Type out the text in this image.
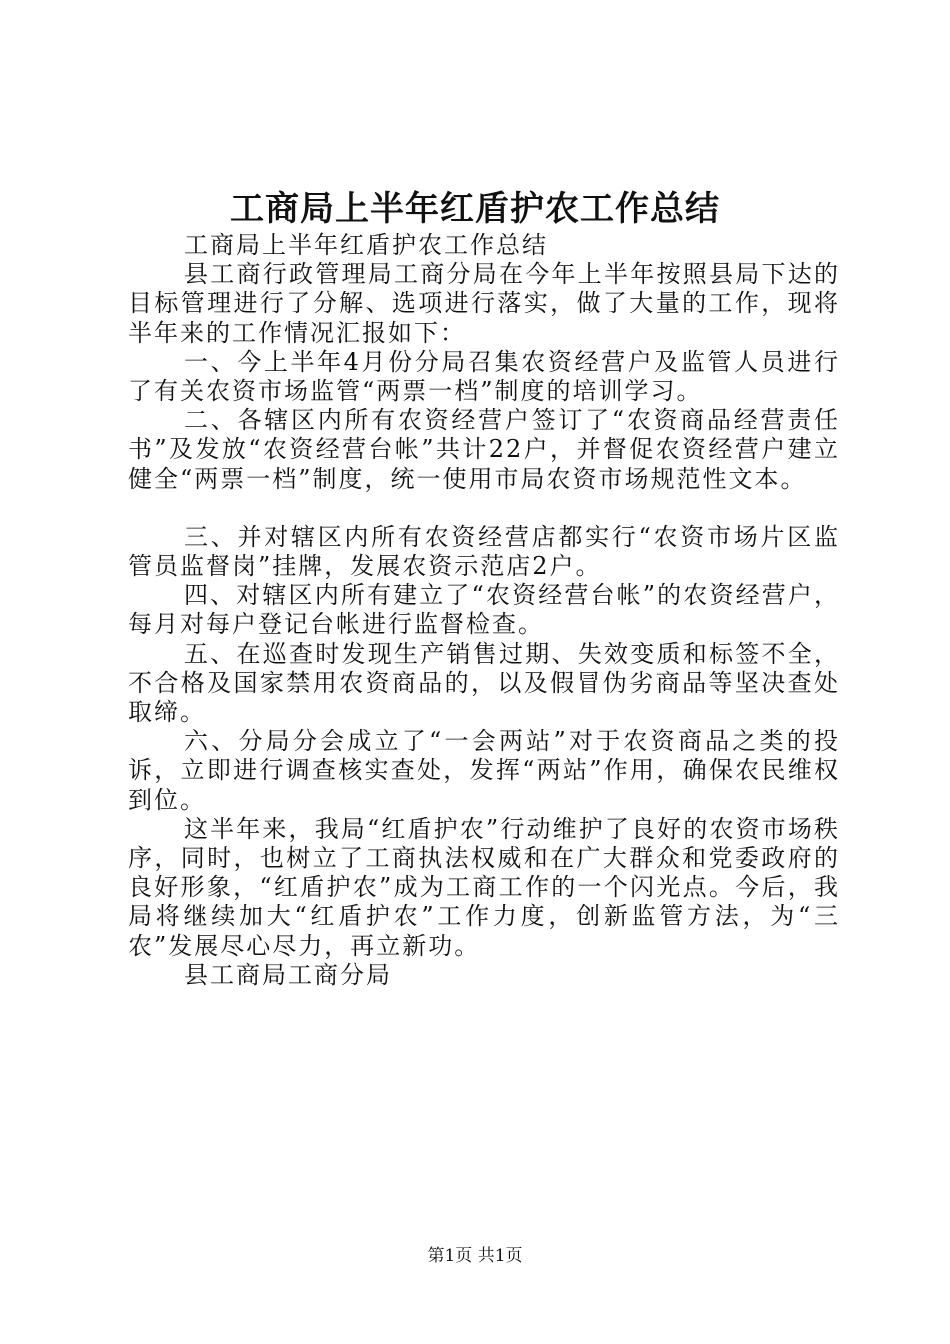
工商局上半年红盾护农工作总结

工商局上半年红盾护农工作总结

县工商行政管理局工商分局在今年上半年按照县局下达的目标管理进行了分解、选项进行落实，做了大量的工作，现将半年来的工作情况汇报如下：

一、今上半年4月份分局召集农资经营户及监管人员进行了有关农资市场监管“两票一档”制度的培训学习。

二、各辖区内所有农资经营户签订了“农资商品经营责任书”及发放“农资经营台帐”共计22户，并督促农资经营户建立健全“两票一档”制度，统一使用市局农资市场规范性文本。

三、并对辖区内所有农资经营店都实行“农资市场片区监管员监督岗”挂牌，发展农资示范店2户。

四、对辖区内所有建立了“农资经营台帐”的农资经营户，每月对每户登记台帐进行监督检查。

五、在巡查时发现生产销售过期、失效变质和标签不全，不合格及国家禁用农资商品的，以及假冒伪劣商品等坚决查处取缔。

六、分局分会成立了“一会两站”对于农资商品之类的投诉，立即进行调查核实查处，发挥“两站”作用，确保农民维权到位。

这半年来，我局“红盾护农”行动维护了良好的农资市场秩序，同时，也树立了工商执法权威和在广大群众和党委政府的良好形象，“红盾护农”成为工商工作的一个闪光点。今后，我局将继续加大“红盾护农”工作力度，创新监管方法，为“三农”发展尽心尽力，再立新功。

县工商局工商分局

第1页 共1页
